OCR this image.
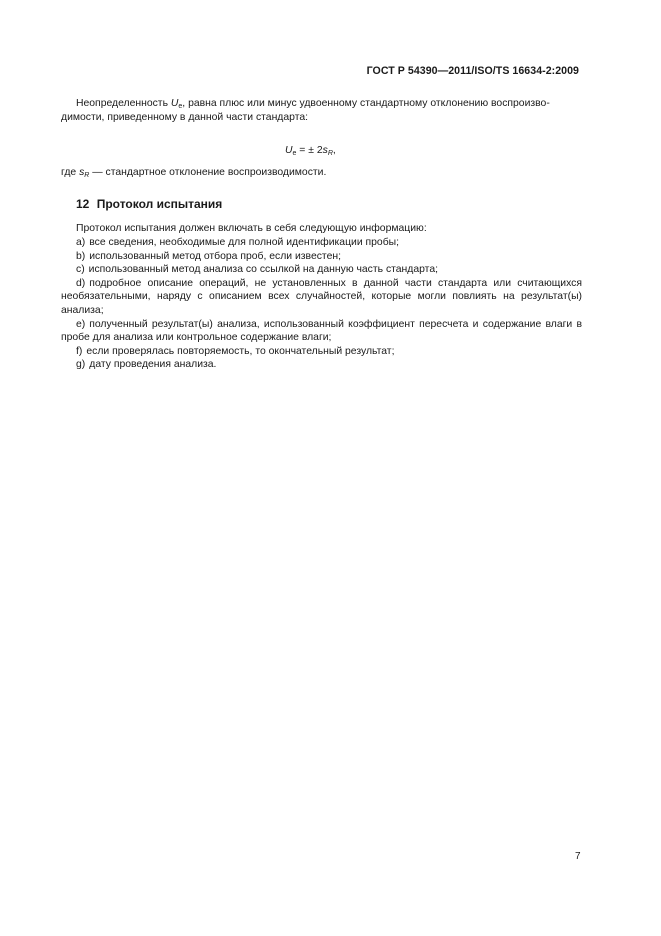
ГОСТ Р 54390—2011/ISO/TS 16634-2:2009

Неопределенность $U_e$, равна плюс или минус удвоенному стандартному отклонению воспроизво-
димости, приведенному в данной части стандарта:

$U_e$ = ± $2s_R$,

где $s_R$ — стандартное отклонение воспроизводимости.

12 Протокол испытания

Протокол испытания должен включать в себя следующую информацию:

a) все сведения, необходимые для полной идентификации пробы;
b) использованный метод отбора проб, если известен;
c) использованный метод анализа со ссылкой на данную часть стандарта;
d) подробное описание операций, не установленных в данной части стандарта или считающихся необязательными, наряду с описанием всех случайностей, которые могли повлиять на результат(ы) анализа;
e) полученный результат(ы) анализа, использованный коэффициент пересчета и содержание влаги в пробе для анализа или контрольное содержание влаги;
f) если проверялась повторяемость, то окончательный результат;
g) дату проведения анализа.
7
